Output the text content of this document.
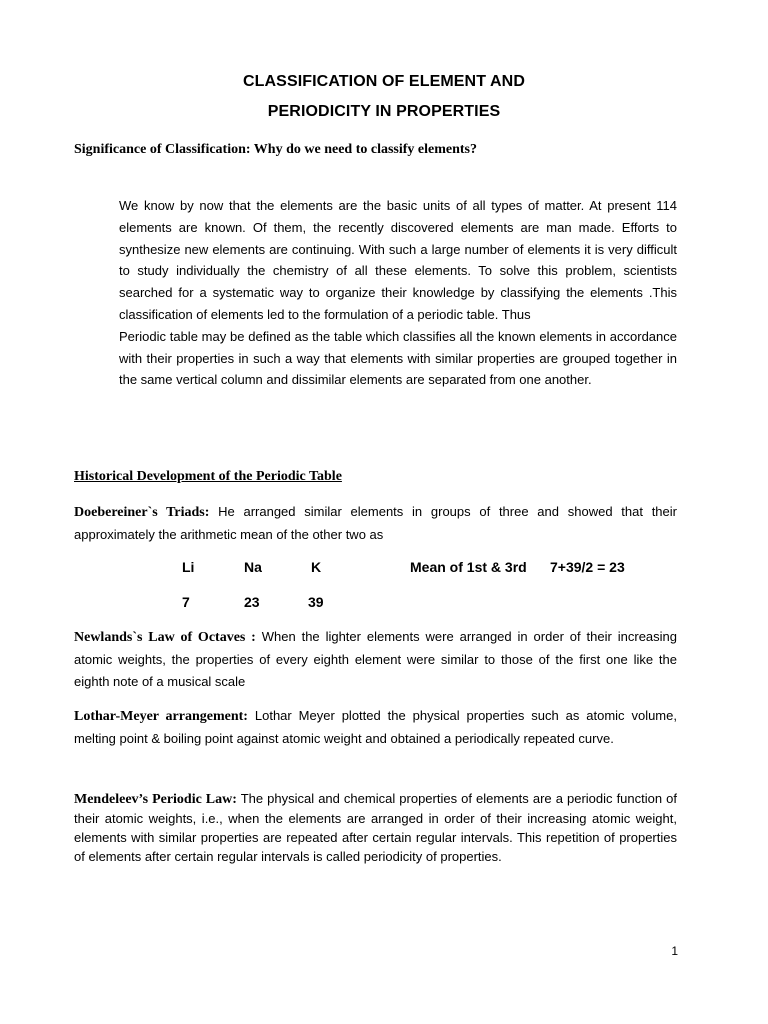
CLASSIFICATION OF ELEMENT AND
PERIODICITY IN PROPERTIES
Significance of Classification: Why do we need to classify elements?

We know by now that the elements are the basic units of all types of matter. At present 114 elements are known. Of them, the recently discovered elements are man made. Efforts to synthesize new elements are continuing. With such a large number of elements it is very difficult to study individually the chemistry of all these elements. To solve this problem, scientists searched for a systematic way to organize their knowledge by classifying the elements .This classification of elements led to the formulation of a periodic table. Thus

Periodic table may be defined as the table which classifies all the known elements in accordance with their properties in such a way that elements with similar properties are grouped together in the same vertical column and dissimilar elements are separated from one another.

Historical Development of the Periodic Table

Doebereiner`s Triads: He arranged similar elements in groups of three and showed that their approximately the arithmetic mean of the other two as

Li	Na	K	Mean of 1st & 3rd 7+39/2 = 23
7	23	39

Newlands`s Law of Octaves : When the lighter elements were arranged in order of their increasing atomic weights, the properties of every eighth element were similar to those of the first one like the eighth note of a musical scale

Lothar-Meyer arrangement: Lothar Meyer plotted the physical properties such as atomic volume, melting point & boiling point against atomic weight and obtained a periodically repeated curve.

Mendeleev’s Periodic Law: The physical and chemical properties of elements are a periodic function of their atomic weights, i.e., when the elements are arranged in order of their increasing atomic weight, elements with similar properties are repeated after certain regular intervals. This repetition of properties of elements after certain regular intervals is called periodicity of properties.

1
